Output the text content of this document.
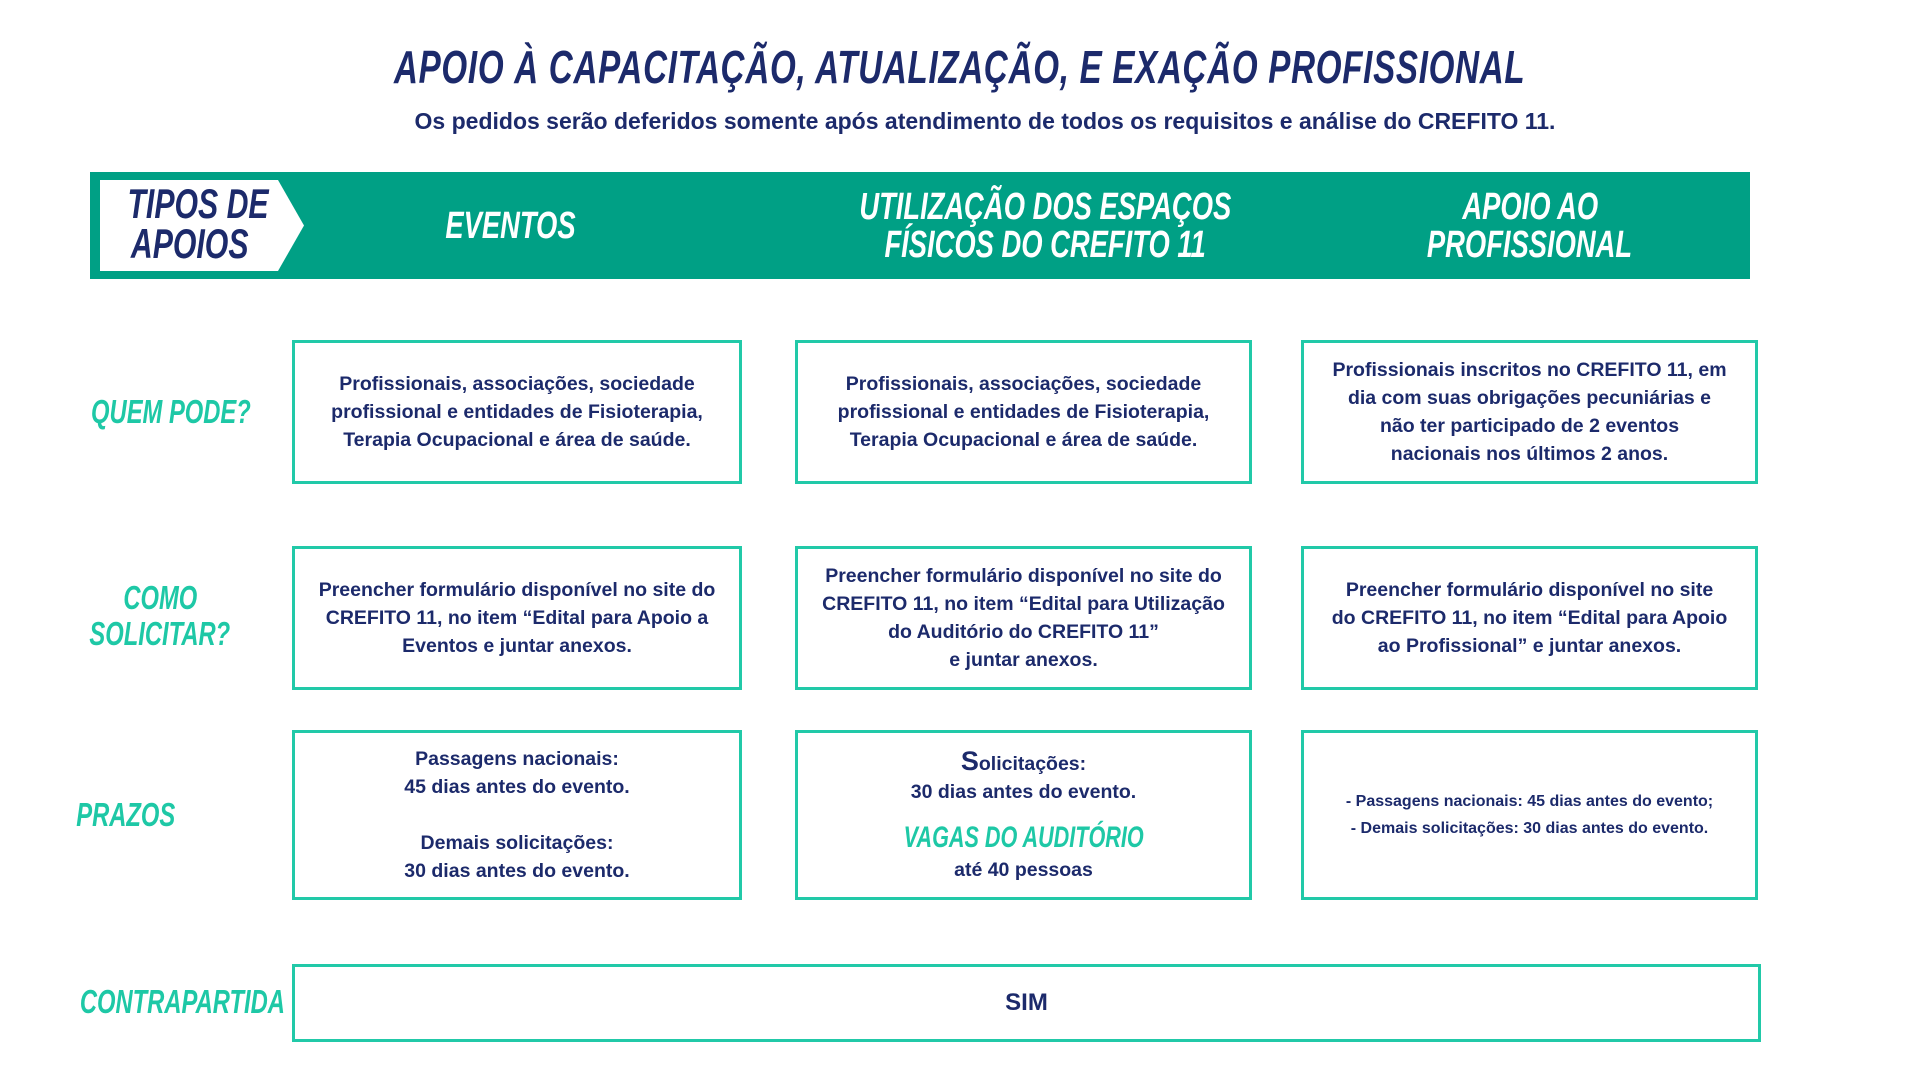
APOIO À CAPACITAÇÃO, ATUALIZAÇÃO, E EXAÇÃO PROFISSIONAL
Os pedidos serão deferidos somente após atendimento de todos os requisitos e análise do CREFITO 11.
TIPOS DE
APOIOS	EVENTOS	UTILIZAÇÃO DOS ESPAÇOS
FÍSICOS DO CREFITO 11
APOIO AO
PROFISSIONAL
QUEM PODE?
COMO
SOLICITAR?
PRAZOS
CONTRAPARTIDA
Profissionais, associações, sociedade
profissional e entidades de Fisioterapia,
Terapia Ocupacional e área de saúde.
Profissionais, associações, sociedade
profissional e entidades de Fisioterapia,
Terapia Ocupacional e área de saúde.
Profissionais inscritos no CREFITO 11, em
dia com suas obrigações pecuniárias e
não ter participado de 2 eventos
nacionais nos últimos 2 anos.
Preencher formulário disponível no site do
CREFITO 11, no item “Edital para Apoio a
Eventos e juntar anexos.
Preencher formulário disponível no site do
CREFITO 11, no item “Edital para Utilização
do Auditório do CREFITO 11”
e juntar anexos.
Preencher formulário disponível no site
do CREFITO 11, no item “Edital para Apoio
ao Profissional” e juntar anexos.
Passagens nacionais:
45 dias antes do evento.
Demais solicitações:
30 dias antes do evento.
Solicitações:
30 dias antes do evento.
VAGAS DO AUDITÓRIO
até 40 pessoas
- Passagens nacionais: 45 dias antes do evento;
- Demais solicitações: 30 dias antes do evento.
SIM
